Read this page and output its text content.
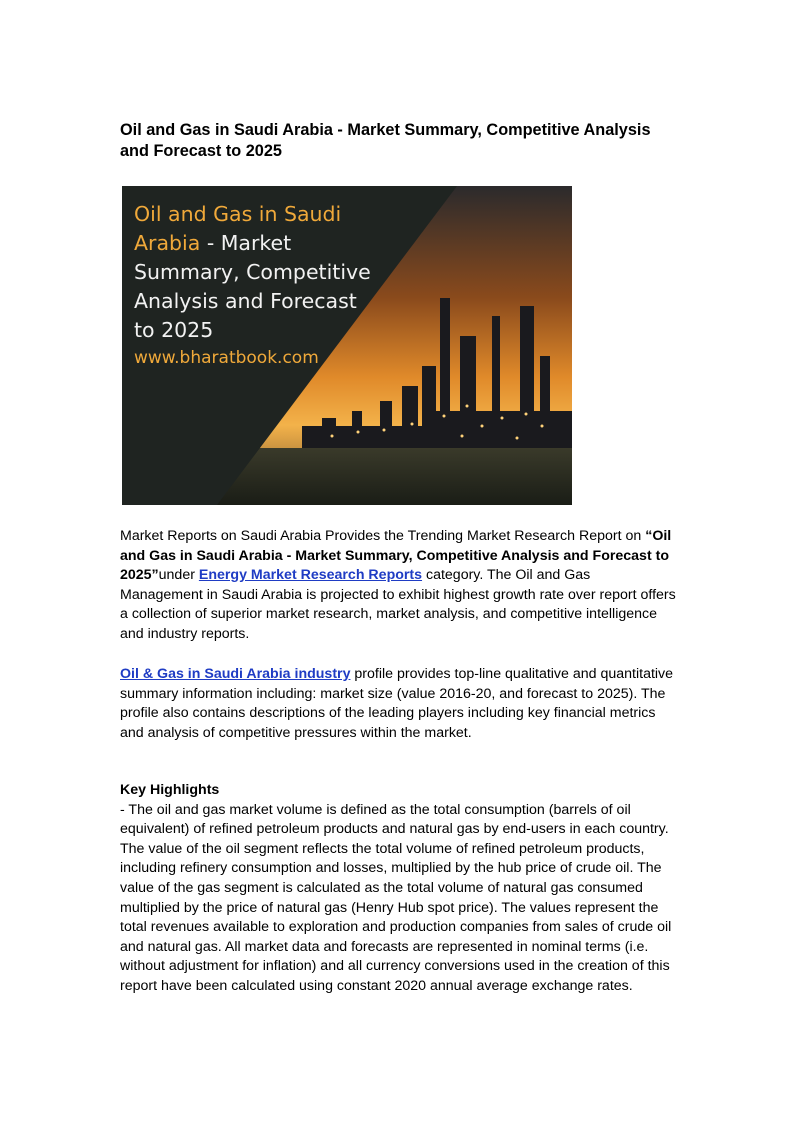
Oil and Gas in Saudi Arabia - Market Summary, Competitive Analysis and Forecast to 2025
Oil and Gas in Saudi
Arabia - Market
Summary, Competitive
Analysis and Forecast
to 2025
www.bharatbook.com

Market Reports on Saudi Arabia Provides the Trending Market Research Report on “Oil and Gas in Saudi Arabia - Market Summary, Competitive Analysis and Forecast to 2025”under Energy Market Research Reports category. The Oil and Gas Management in Saudi Arabia is projected to exhibit highest growth rate over report offers a collection of superior market research, market analysis, and competitive intelligence and industry reports.

Oil & Gas in Saudi Arabia industry profile provides top-line qualitative and quantitative summary information including: market size (value 2016-20, and forecast to 2025). The profile also contains descriptions of the leading players including key financial metrics and analysis of competitive pressures within the market.

Key Highlights
- The oil and gas market volume is defined as the total consumption (barrels of oil equivalent) of refined petroleum products and natural gas by end-users in each country. The value of the oil segment reflects the total volume of refined petroleum products, including refinery consumption and losses, multiplied by the hub price of crude oil. The value of the gas segment is calculated as the total volume of natural gas consumed multiplied by the price of natural gas (Henry Hub spot price). The values represent the total revenues available to exploration and production companies from sales of crude oil and natural gas. All market data and forecasts are represented in nominal terms (i.e. without adjustment for inflation) and all currency conversions used in the creation of this report have been calculated using constant 2020 annual average exchange rates.
